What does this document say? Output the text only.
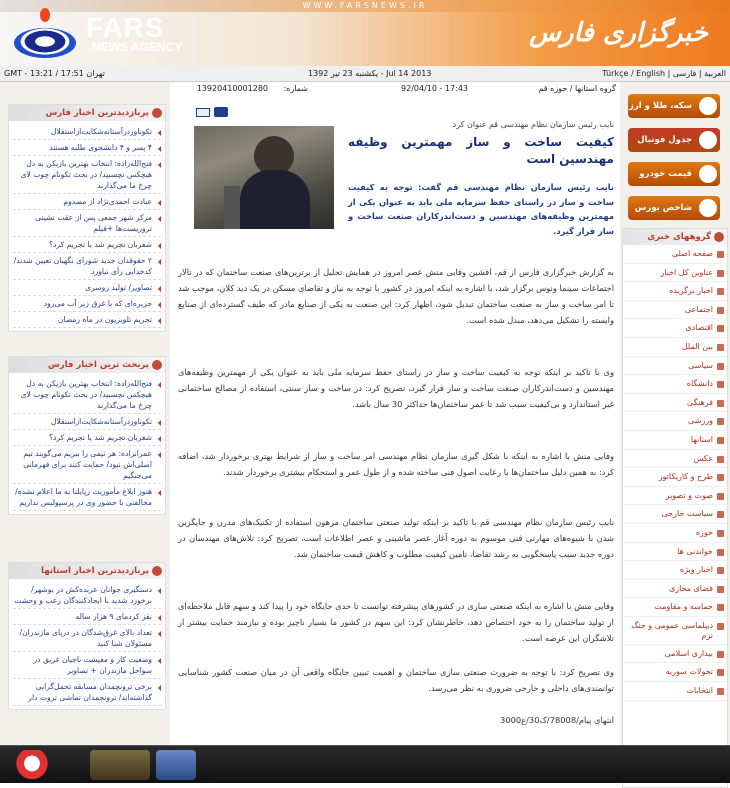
WWW.FARSNEWS.IR
FARS
NEWS AGENCY	خبرگزاری فارس
GMT - 13:21 / 17:51 تهران	یکشنبه 23 تیر 1392 - Jul 14 2013	Türkçe / English | العربیة | فارسی
پربازدیدترین اخبار فارس
تکوناوردرآستانه‌شکایت‌ازاستقلال
۴ پسر و ۴ دانشجوی طلبه هستند
فتح‌الله‌زاده: انتخاب بهترین بازیکن به دل هیچکس نچسبید/ در بحث تکونام چوب لای چرخ ما می‌گذارند
عبادت احمدی‌نژاد از مصدوم
مرکز شهر جمعی پس از عقب نشینی تروریست‌ها +فیلم
شعربان تجریم شد یا تجریم کرد؟
۲ حقوقدان جدید شورای نگهبان تعیین شدند/ کدخدایی رأی نیاورد
تصاویر/ تولید روسری
جزیره‌ای که با غرق زیر آب می‌رود
تجریم تلویزیون در ماه رمضان
پربحث ترین اخبار فارس
فتح‌الله‌زاده: انتخاب بهترین بازیکن به دل هیچکس نچسبید/ در بحث تکونام چوب لای چرخ ما می‌گذارند
تکوناوردرآستانه‌شکایت‌ازاستقلال
شعربان تجریم شد یا تجریم کرد؟
عمرانزاده: هر تیمی را ببریم می‌گویند تیم اصلی‌اش نبود/ حمایت کنند برای قهرمانی می‌جنگیم
هنوز ابلاغ مأموریت رپایلنا به ما اعلام نشده/ مخالفتی با حضور وی در پرسپولیس نداریم
پربازدیدترین اخبار استانها
دستگیری جوانان عربده‌کش در بوشهر/ برخورد شدید با ایجادکنندگان رعب و وحشت
نقز کردمای ۹ هزار ساله
تعداد بالای غرق‌شدگان در دریای مازندران/ مسئولان شنا کنید
وضعیت کار و معیشت ناجیان غریق در سواحل مازندران + تصاویر
برخی ترونچمدان مسابقه تحمل‌گرایی گذاشته‌اند/ ترونچمدان تماشی تروت دار
گروه استانها / حوزه قم
17:43 - 92/04/10
شماره:
13920410001280
نایب رئیس سازمان نظام مهندسی قم عنوان کرد
کیفیت ساخت و ساز مهمترین وظیفه مهندسین است
نایب رئیس سازمان نظام مهندسی قم گفت: توجه به کیفیت ساخت و ساز در راستای حفظ سرمایه ملی باید به عنوان یکی از مهمترین وظیفه‌های مهندسین و دست‌اندرکاران صنعت ساخت و ساز قرار گیرد.
به گزارش خبرگزاری فارس از قم، افشین وفایی منش عصر امروز در همایش تجلیل از برترین‌های صنعت ساختمان که در تالار اجتماعات سینما ونوس برگزار شد، با اشاره به اینکه امروز در کشور با توجه به نیاز و تقاضای مسکن در یک دید کلان، موجب شد تا امر ساخت و ساز به صنعت ساختمان تبدیل شود، اظهار کرد: این صنعت به یکی از صنایع مادر که طیف گسترده‌ای از صنایع وابسته را تشکیل می‌دهد، مبدل شده است.
وی با تاکید بر اینکه توجه به کیفیت ساخت و ساز در راستای حفظ سرمایه ملی باید به عنوان یکی از مهمترین وظیفه‌های مهندسین و دست‌اندرکاران صنعت ساخت و ساز قرار گیرد، تصریح کرد: در ساخت و ساز سنتی، استفاده از مصالح ساختمانی غیر استاندارد و بی‌کیفیت سبب شد تا عمر ساختمان‌ها حداکثر 30 سال باشد.
وفایی منش با اشاره به اینکه با شکل گیری سازمان نظام مهندسی امر ساخت و ساز از شرایط بهتری برخوردار شد، اضافه کرد: به همین دلیل ساختمان‌ها با رعایت اصول فنی ساخته شده و از طول عمر و استحکام بیشتری برخوردار شدند.
نایب رئیس سازمان نظام مهندسی قم با تاکید بر اینکه تولید صنعتی ساختمان مرهون استفاده از تکنیک‌های مدرن و جایگزین شدن با شیوه‌های مهارتی فنی موسوم به دوره آغاز عصر ماشینی و عصر اطلاعات است، تصریح کرد: تلاش‌های مهندسان در دوره جدید سبب پاسخگویی به رشد تقاضا، تامین کیفیت مطلوب و کاهش قیمت ساختمان شد.
وفایی منش با اشاره به اینکه صنعتی سازی در کشورهای پیشرفته توانست تا حدی جایگاه خود را پیدا کند و سهم قابل ملاحظه‌ای از تولید ساختمان را به خود اختصاص دهد، خاطرنشان کرد: این سهم در کشور ما بسیار ناچیز بوده و نیازمند حمایت بیشتر از تلاشگران این عرصه است.
وی تصریح کرد: با توجه به ضرورت صنعتی سازی ساختمان و اهمیت تبیین جایگاه واقعی آن در میان صنعت کشور شناسایی توانمندی‌های داخلی و خارجی ضروری به نظر می‌رسد.
انتهای پیام/78008/ک30/ع3000
سکه، طلا و ارز
جدول فوتبال
قیمت خودرو
شاخص بورس
گروههای خبری
صفحه اصلی
عناوین کل اخبار
اخبار برگزیده
اجتماعی
اقتصادی
بین الملل
سیاسی
دانشگاه
فرهنگی
ورزشی
استانها
عکس
طرح و کاریکاتور
صوت و تصویر
سیاست خارجی
حوزه
خواندنی ها
اخبار ویژه
فضای مجازی
حماسه و مقاومت
دیپلماسی عمومی و جنگ نرم
بیداری اسلامی
تحولات سوریه
انتخابات
